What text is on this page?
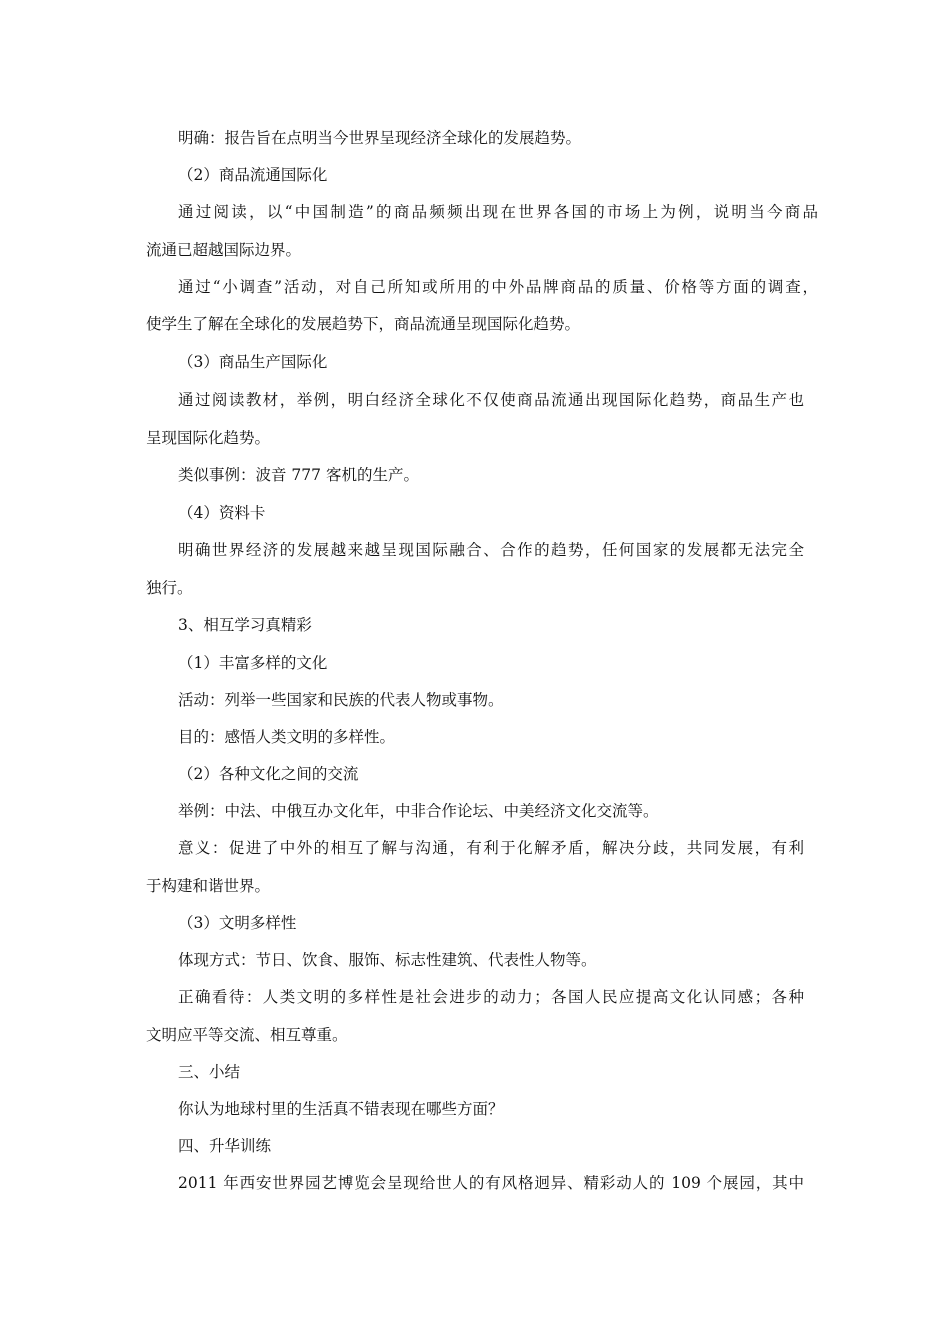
明确：报告旨在点明当今世界呈现经济全球化的发展趋势。
（2）商品流通国际化
通过阅读，以“中国制造”的商品频频出现在世界各国的市场上为例，说明当今商品
流通已超越国际边界。
通过“小调查”活动，对自己所知或所用的中外品牌商品的质量、价格等方面的调查，
使学生了解在全球化的发展趋势下，商品流通呈现国际化趋势。
（3）商品生产国际化
通过阅读教材，举例，明白经济全球化不仅使商品流通出现国际化趋势，商品生产也
呈现国际化趋势。
类似事例：波音 777 客机的生产。
（4）资料卡
明确世界经济的发展越来越呈现国际融合、合作的趋势，任何国家的发展都无法完全
独行。
3、相互学习真精彩
（1）丰富多样的文化
活动：列举一些国家和民族的代表人物或事物。
目的：感悟人类文明的多样性。
（2）各种文化之间的交流
举例：中法、中俄互办文化年，中非合作论坛、中美经济文化交流等。
意义：促进了中外的相互了解与沟通，有利于化解矛盾，解决分歧，共同发展，有利
于构建和谐世界。
（3）文明多样性
体现方式：节日、饮食、服饰、标志性建筑、代表性人物等。
正确看待：人类文明的多样性是社会进步的动力；各国人民应提高文化认同感；各种
文明应平等交流、相互尊重。
三、小结
你认为地球村里的生活真不错表现在哪些方面？
四、升华训练
2011 年西安世界园艺博览会呈现给世人的有风格迥异、精彩动人的 109 个展园，其中
